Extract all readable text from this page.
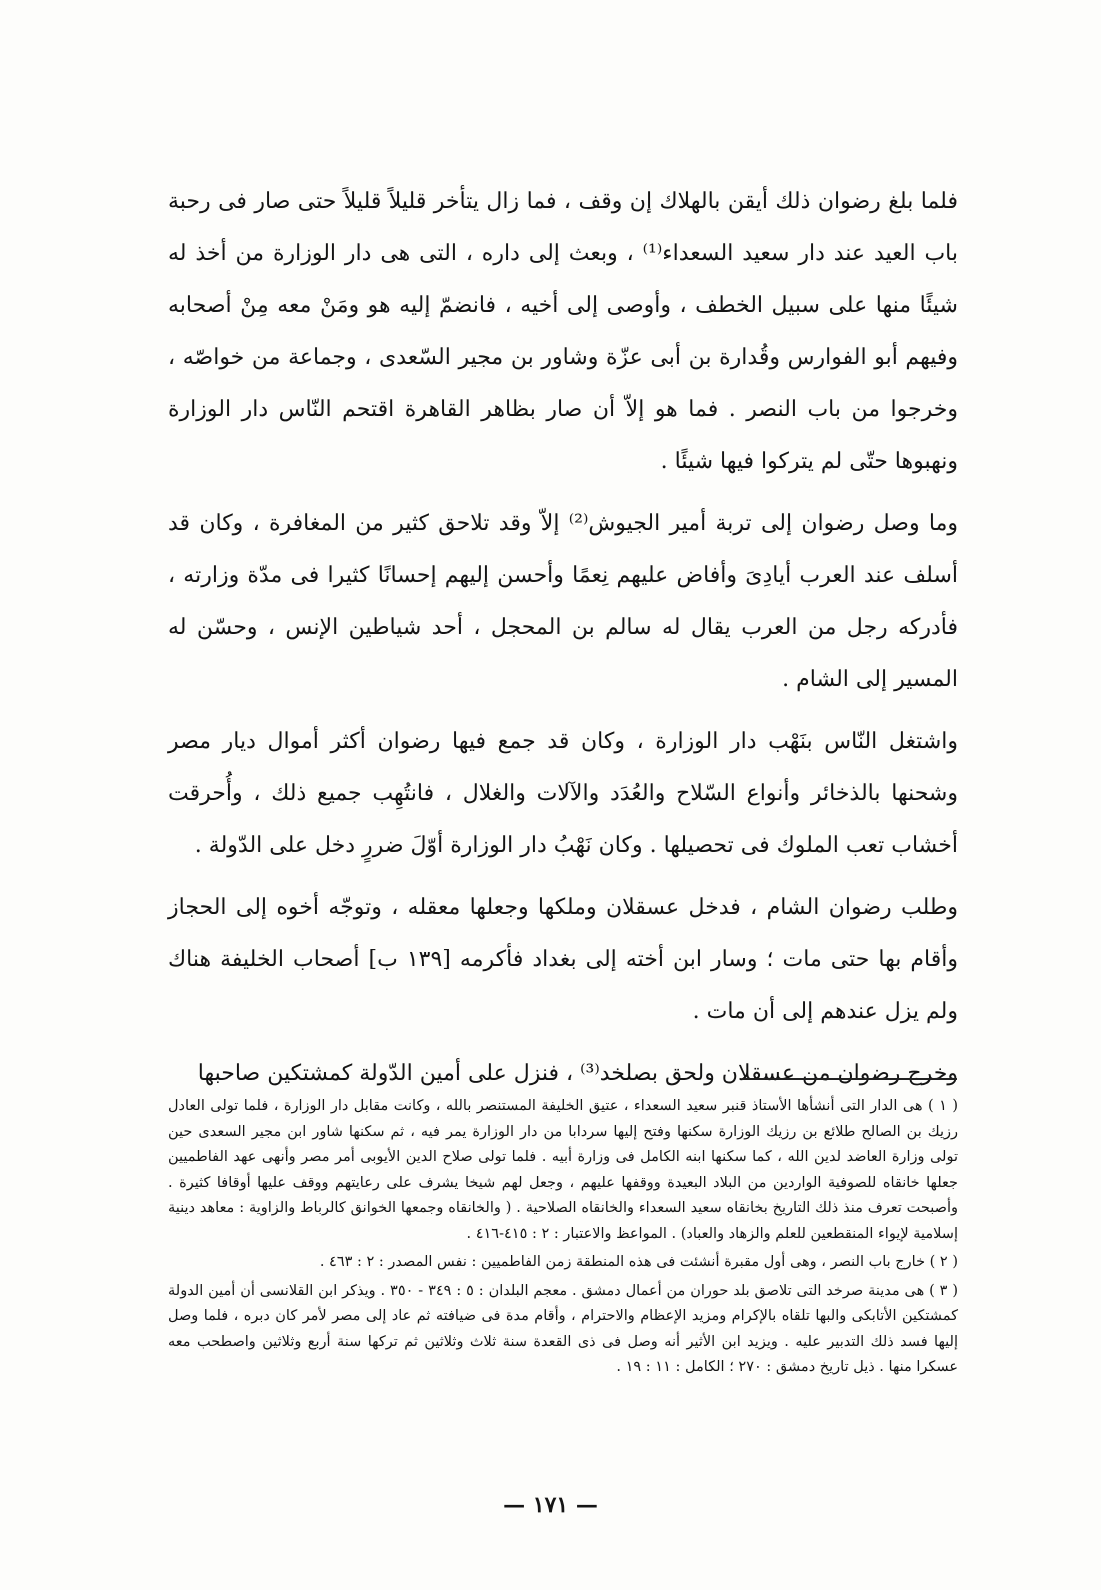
فلما بلغ رضوان ذلك أيقن بالهلاك إن وقف ، فما زال يتأخر قليلاً قليلاً حتى صار فى رحبة باب العيد عند دار سعيد السعداء⁽¹⁾ ، وبعث إلى داره ، التى هى دار الوزارة من أخذ له شيئًا منها على سبيل الخطف ، وأوصى إلى أخيه ، فانضمّ إليه هو ومَنْ معه مِنْ أصحابه وفيهم أبو الفوارس وقُدارة بن أبى عزّة وشاور بن مجير السّعدى ، وجماعة من خواصّه ، وخرجوا من باب النصر . فما هو إلاّ أن صار بظاهر القاهرة اقتحم النّاس دار الوزارة ونهبوها حتّى لم يتركوا فيها شيئًا .

وما وصل رضوان إلى تربة أمير الجيوش⁽²⁾ إلاّ وقد تلاحق كثير من المغافرة ، وكان قد أسلف عند العرب أيادِىَ وأفاض عليهم نِعمًا وأحسن إليهم إحسانًا كثيرا فى مدّة وزارته ، فأدركه رجل من العرب يقال له سالم بن المحجل ، أحد شياطين الإنس ، وحسّن له المسير إلى الشام .

واشتغل النّاس بنَهْب دار الوزارة ، وكان قد جمع فيها رضوان أكثر أموال ديار مصر وشحنها بالذخائر وأنواع السّلاح والعُدَد والآلات والغلال ، فانتُهِب جميع ذلك ، وأُحرقت أخشاب تعب الملوك فى تحصيلها . وكان نَهْبُ دار الوزارة أوّلَ ضررٍ دخل على الدّولة .

وطلب رضوان الشام ، فدخل عسقلان وملكها وجعلها معقله ، وتوجّه أخوه إلى الحجاز وأقام بها حتى مات ؛ وسار ابن أخته إلى بغداد فأكرمه [١٣٩ ب] أصحاب الخليفة هناك ولم يزل عندهم إلى أن مات .

وخرج رضوان من عسقلان ولحق بصلخد⁽³⁾ ، فنزل على أمين الدّولة كمشتكين صاحبها

( ١ ) هى الدار التى أنشأها الأستاذ قنبر سعيد السعداء ، عتيق الخليفة المستنصر بالله ، وكانت مقابل دار الوزارة ، فلما تولى العادل رزيك بن الصالح طلائع بن رزيك الوزارة سكنها وفتح إليها سردابا من دار الوزارة يمر فيه ، ثم سكنها شاور ابن مجير السعدى حين تولى وزارة العاضد لدين الله ، كما سكنها ابنه الكامل فى وزارة أبيه . فلما تولى صلاح الدين الأيوبى أمر مصر وأنهى عهد الفاطميين جعلها خانقاه للصوفية الواردين من البلاد البعيدة ووقفها عليهم ، وجعل لهم شيخا يشرف على رعايتهم ووقف عليها أوقافا كثيرة . وأصبحت تعرف منذ ذلك التاريخ بخانقاه سعيد السعداء والخانقاه الصلاحية . ( والخانقاه وجمعها الخوانق كالرباط والزاوية : معاهد دينية إسلامية لإيواء المنقطعين للعلم والزهاد والعباد) . المواعظ والاعتبار : ٢ : ٤١٥-٤١٦ .

( ٢ ) خارج باب النصر ، وهى أول مقبرة أنشئت فى هذه المنطقة زمن الفاطميين : نفس المصدر : ٢ : ٤٦٣ .

( ٣ ) هى مدينة صرخد التى تلاصق بلد حوران من أعمال دمشق . معجم البلدان : ٥ : ٣٤٩ - ٣٥٠ . ويذكر ابن القلانسى أن أمين الدولة كمشتكين الأتابكى والبها تلقاه بالإكرام ومزيد الإعظام والاحترام ، وأقام مدة فى ضيافته ثم عاد إلى مصر لأمر كان دبره ، فلما وصل إليها فسد ذلك التدبير عليه . ويزيد ابن الأثير أنه وصل فى ذى القعدة سنة ثلاث وثلاثين ثم تركها سنة أربع وثلاثين واصطحب معه عسكرا منها . ذيل تاريخ دمشق : ٢٧٠ ؛ الكامل : ١١ : ١٩ .

— ١٧١ —
